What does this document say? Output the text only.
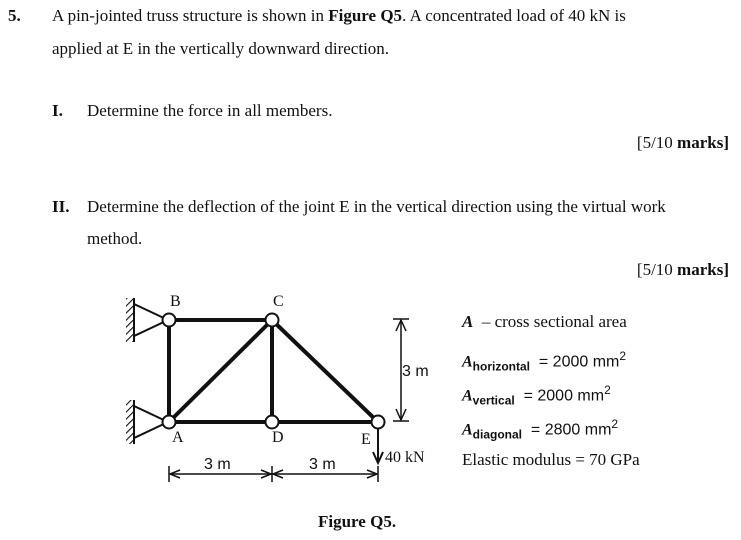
5. A pin-jointed truss structure is shown in Figure Q5. A concentrated load of 40 kN is
applied at E in the vertically downward direction.
I. Determine the force in all members.
[5/10 marks]
II. Determine the deflection of the joint E in the vertical direction using the virtual work
method.
[5/10 marks]
B	C
A	D	E
3 m
40 kN
3 m	3 m
Figure Q5.
A – cross sectional area
$A_{horizontal} = 2000$ $mm^2$
$A_{vertical} = 2000$ $mm^2$
$A_{diagonal} = 2800$ $mm^2$
Elastic modulus = 70 GPa
